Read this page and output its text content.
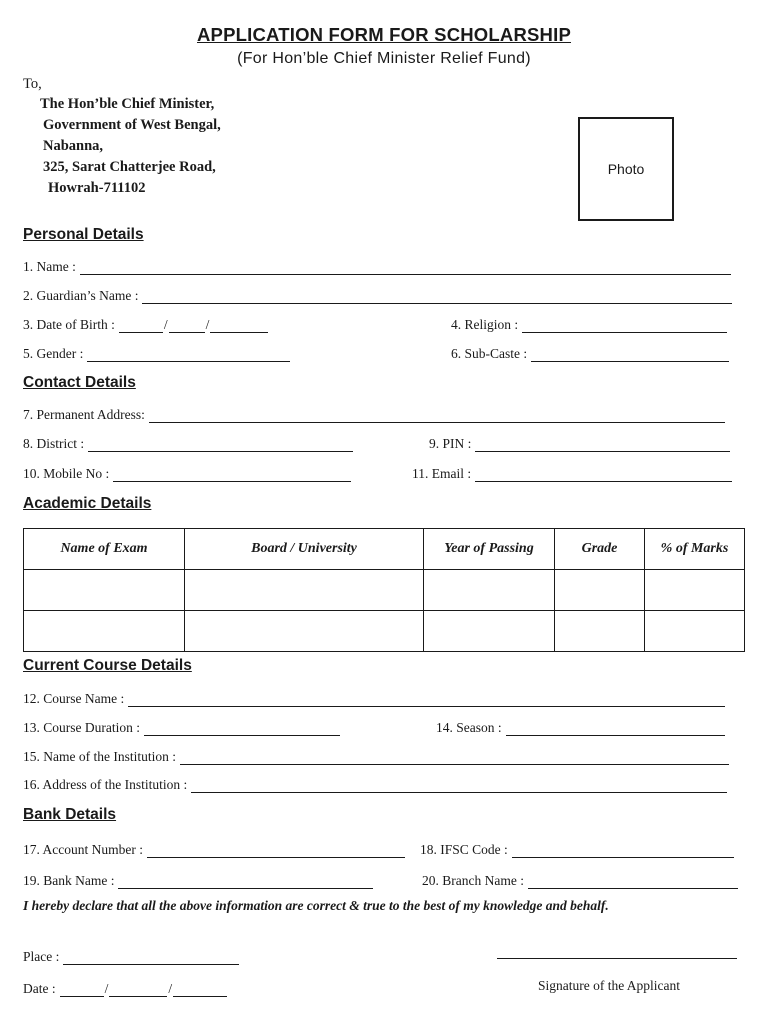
APPLICATION FORM FOR SCHOLARSHIP
(For Hon’ble Chief Minister Relief Fund)
To,
The Hon’ble Chief Minister,
Government of West Bengal,
Nabanna,
325, Sarat Chatterjee Road,
Howrah-711102
Photo
Personal Details
1. Name :
2. Guardian’s Name :
3. Date of Birth :	/	/	4. Religion :
5. Gender :	6. Sub-Caste :
Contact Details
7. Permanent Address:
8. District :	9. PIN :
10. Mobile No :	11. Email :
Academic Details
Name of Exam	Board / University	Year of Passing	Grade	% of Marks

Current Course Details
12. Course Name :
13. Course Duration :	14. Season :
15. Name of the Institution :
16. Address of the Institution :
Bank Details
17. Account Number :	18. IFSC Code :
19. Bank Name :	20. Branch Name :
I hereby declare that all the above information are correct & true to the best of my knowledge and behalf.
Place :
Date :	/	/	Signature of the Applicant
